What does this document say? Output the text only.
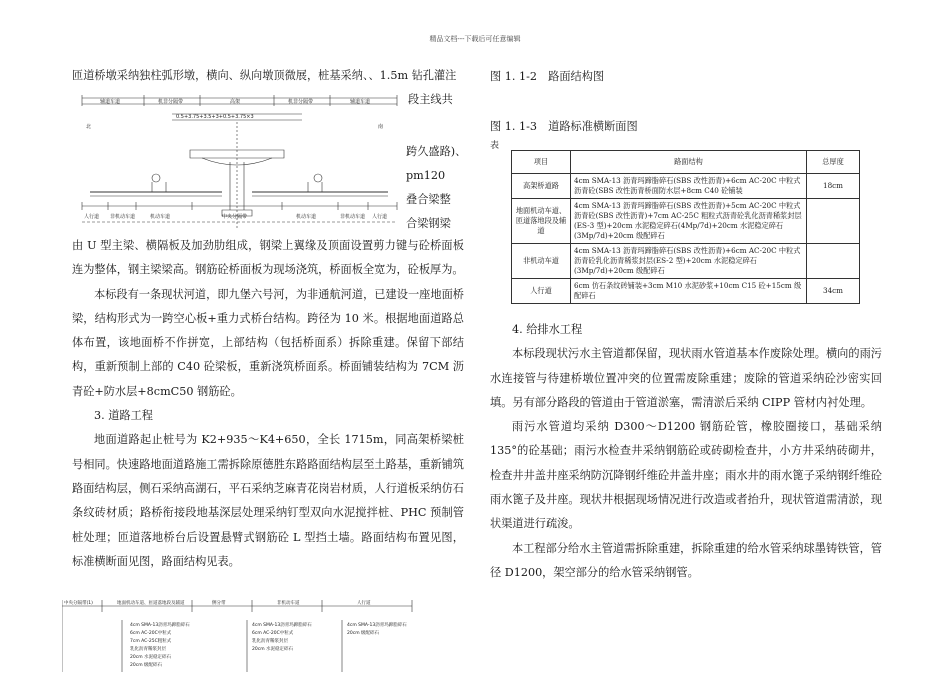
精品文档---下载后可任意编辑

匝道桥墩采纳独柱弧形墩，横向、纵向墩顶微展，桩基采纳、、1.5m 钻孔灌注

段主线共
跨久盛路)、
pm120
叠合梁整
合梁钢梁
北	南
辅道车道	机非分隔带	高架	机非分隔带	辅道车道
0.5+3.75+3.5+3+0.5+3.75×3
人行道 非机动车道	机动车道	中央分隔带	机动车道	非机动车道 人行道

由 U 型主梁、横隔板及加劲肋组成，钢梁上翼缘及顶面设置剪力键与砼桥面板连为整体，钢主梁梁高。钢筋砼桥面板为现场浇筑，桥面板全宽为，砼板厚为。

本标段有一条现状河道，即九堡六号河，为非通航河道，已建设一座地面桥梁，结构形式为一跨空心板+重力式桥台结构。跨径为 10 米。根据地面道路总体布置，该地面桥不作拼宽，上部结构（包括桥面系）拆除重建。保留下部结构，重新预制上部的 C40 砼梁板，重新浇筑桥面系。桥面铺装结构为 7CM 沥青砼+防水层+8cmC50 钢筋砼。

3. 道路工程

地面道路起止桩号为 K2+935～K4+650，全长 1715m，同高架桥梁桩号相同。快速路地面道路施工需拆除原德胜东路路面结构层至土路基，重新铺筑路面结构层，侧石采纳高湖石，平石采纳芝麻青花岗岩材质，人行道板采纳仿石条纹砖材质；路桥衔接段地基深层处理采纳钉型双向水泥搅拌桩、PHC 预制管桩处理；匝道落地桥台后设置悬臂式钢筋砼 L 型挡土墙。路面结构布置见图，标准横断面见图，路面结构见表。

图 1. 1-2　路面结构图
图 1. 1-3　道路标准横断面图
表
项目	路面结构	总厚度
高架桥道路	4cm SMA-13 沥青玛蹄脂碎石(SBS 改性沥青)+6cm AC-20C 中粒式沥青砼(SBS 改性沥青桥面防水层+8cm C40 砼铺装	18cm
地面机动车道、匝道落地段及辅道	4cm SMA-13 沥青玛蹄脂碎石(SBS 改性沥青)+5cm AC-20C 中粒式沥青砼(SBS 改性沥青)+7cm AC-25C 粗粒式沥青砼乳化沥青稀浆封层(ES-3 型)+20cm 水泥稳定碎石(4Mp/7d)+20cm 水泥稳定碎石(3Mp/7d)+20cm 级配碎石	
非机动车道	4cm SMA-13 沥青玛蹄脂碎石(SBS 改性沥青)+6cm AC-20C 中粒式沥青砼乳化沥青稀浆封层(ES-2 型)+20cm 水泥稳定碎石(3Mp/7d)+20cm 级配碎石	
人行道	6cm 仿石条纹砖铺装+3cm M10 水泥砂浆+10cm C15 砼+15cm 级配碎石	34cm

4. 给排水工程

本标段现状污水主管道都保留，现状雨水管道基本作废除处理。横向的雨污水连接管与待建桥墩位置冲突的位置需废除重建；废除的管道采纳砼沙密实回填。另有部分路段的管道由于管道淤塞，需清淤后采纳 CIPP 管材内衬处理。

雨污水管道均采纳 D300～D1200 钢筋砼管，橡胶圈接口，基础采纳 135°的砼基础；雨污水检查井采纳钢筋砼或砖砌检查井，小方井采纳砖砌井，检查井井盖井座采纳防沉降钢纤维砼井盖井座；雨水井的雨水篦子采纳钢纤维砼雨水篦子及井座。现状井根据现场情况进行改造或者抬升，现状管道需清淤，现状渠道进行疏浚。

本工程部分给水主管道需拆除重建，拆除重建的给水管采纳球墨铸铁管，管径 D1200，架空部分的给水管采纳钢管。

中央分隔带(1)	地面机动车道、匝道落地段及辅道	侧分带	非机动车道	人行道
4cm SMA-13沥青玛蹄脂碎石
6cm AC-20C中粒式
7cm AC-25C粗粒式
乳化沥青稀浆封层
20cm 水泥稳定碎石
20cm 级配碎石
4cm SMA-13沥青玛蹄脂碎石
6cm AC-20C中粒式
乳化沥青稀浆封层
20cm 水泥稳定碎石
4cm SMA-13沥青玛蹄脂碎石
20cm 级配碎石
